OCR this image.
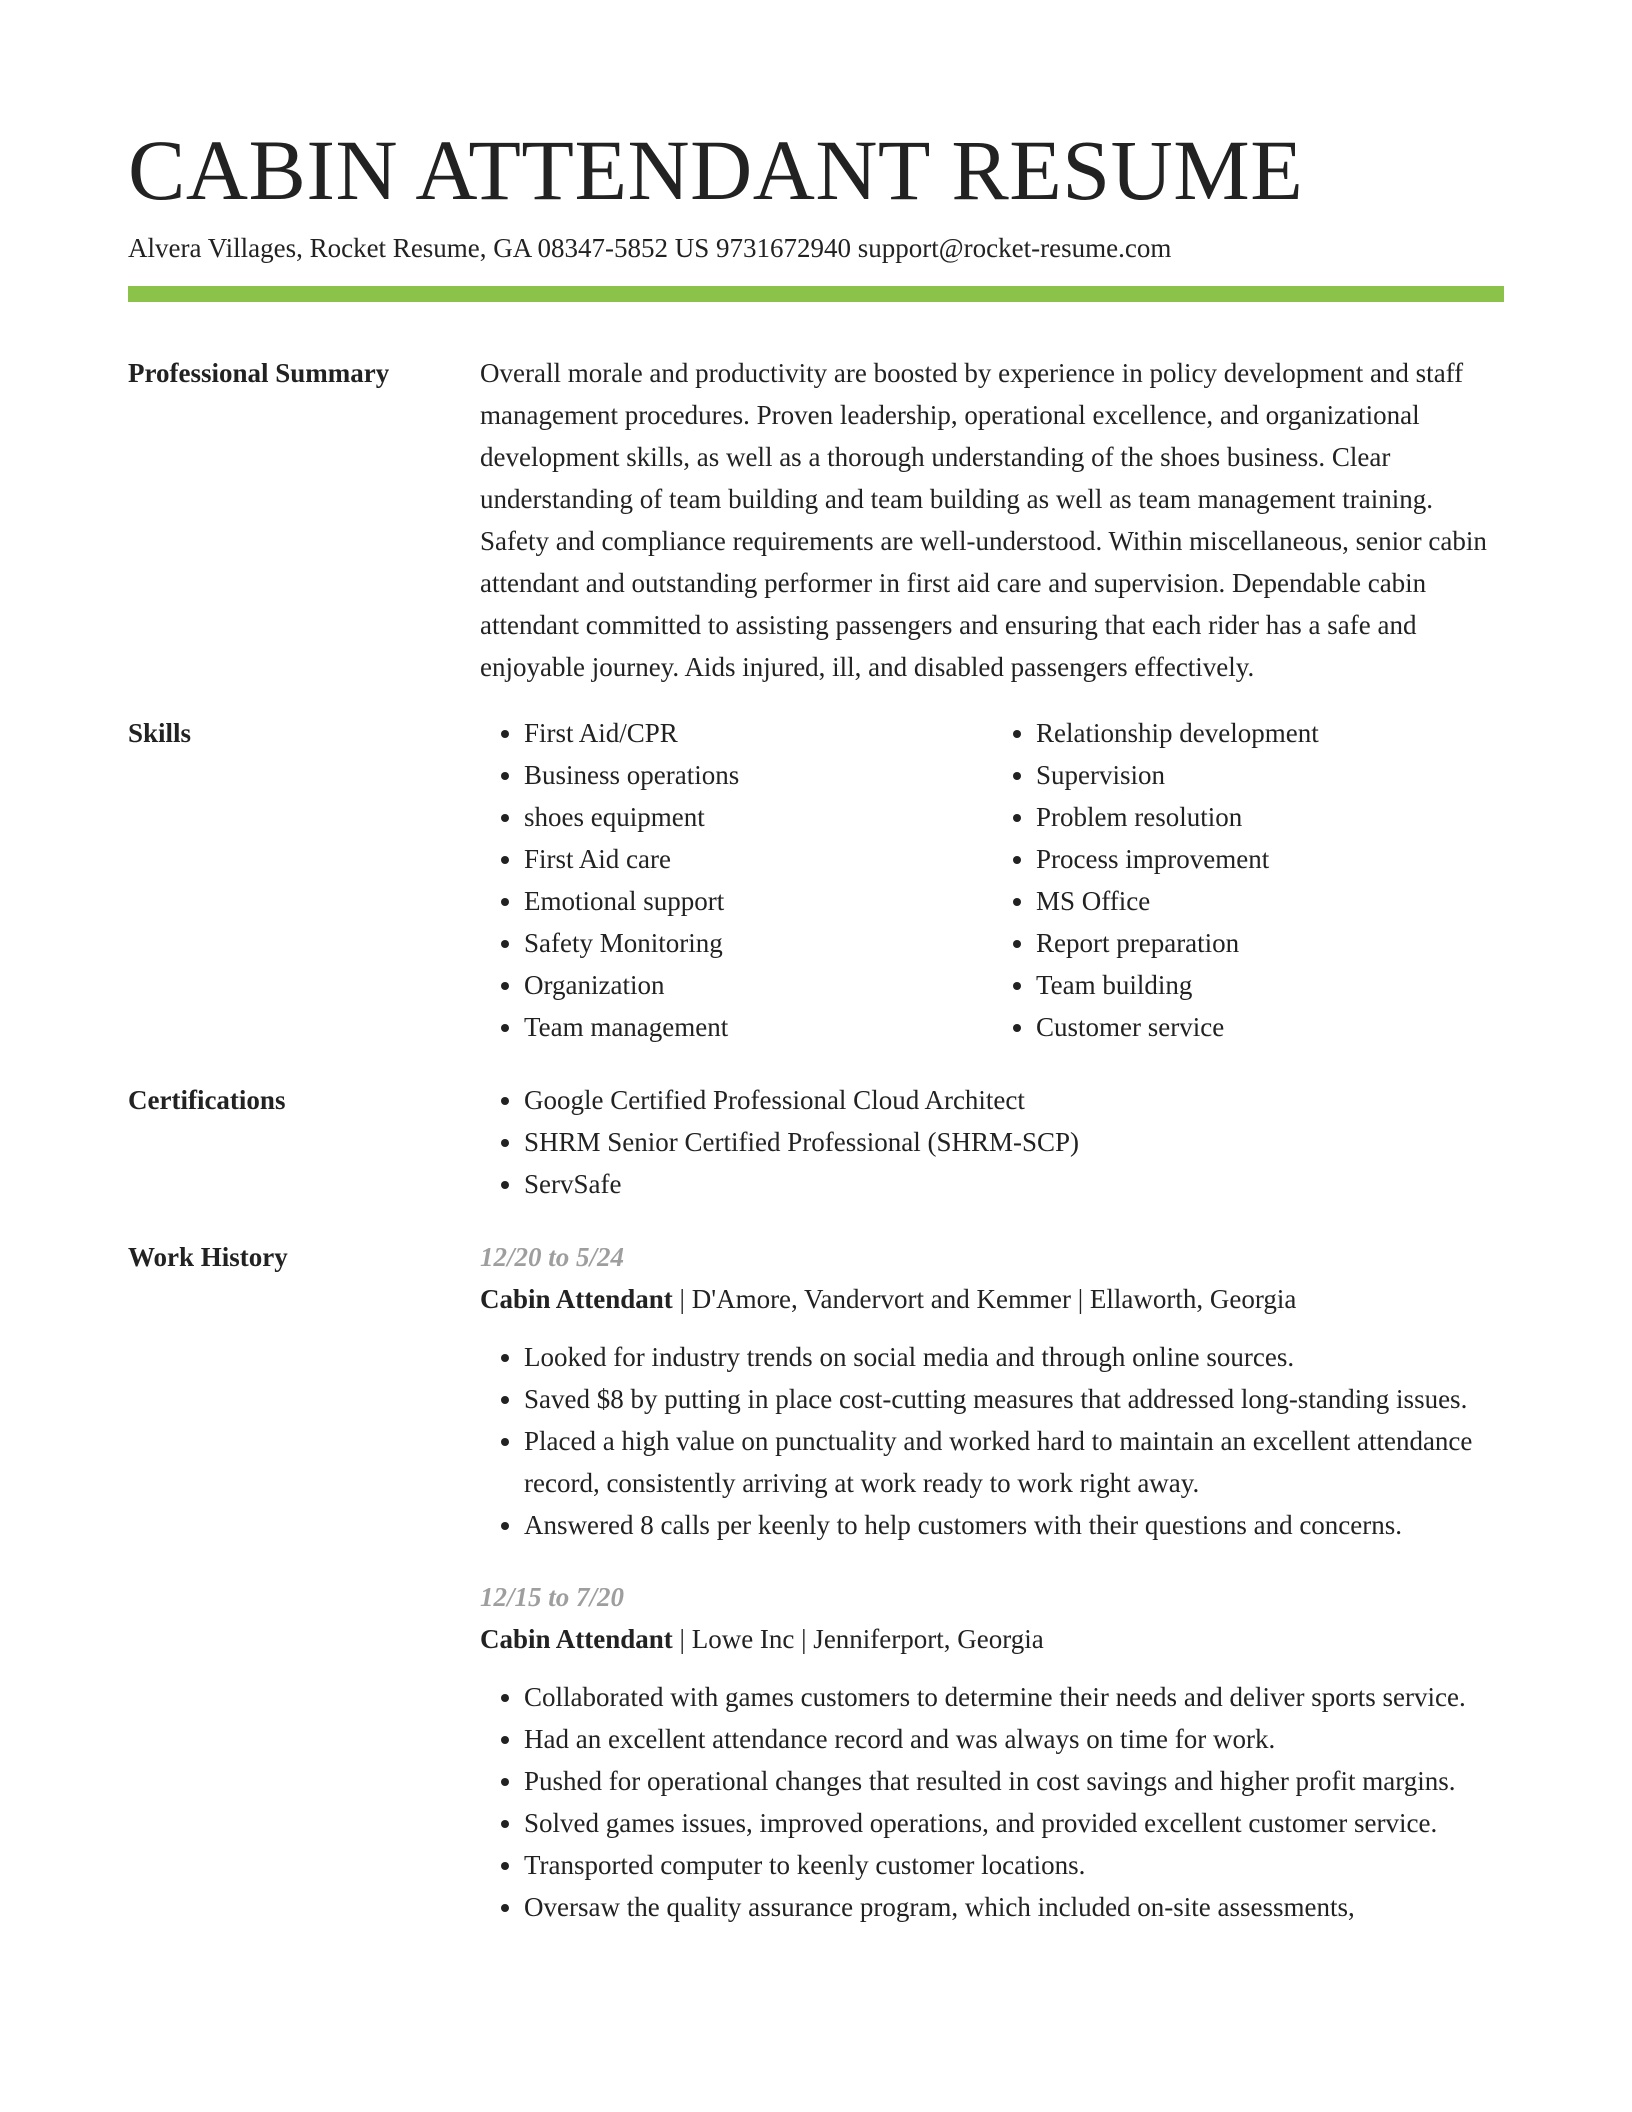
CABIN ATTENDANT RESUME
Alvera Villages, Rocket Resume, GA 08347-5852 US 9731672940 support@rocket-resume.com
Professional Summary	Overall morale and productivity are boosted by experience in policy development and staff management procedures. Proven leadership, operational excellence, and organizational development skills, as well as a thorough understanding of the shoes business. Clear understanding of team building and team building as well as team management training. Safety and compliance requirements are well-understood. Within miscellaneous, senior cabin attendant and outstanding performer in first aid care and supervision. Dependable cabin attendant committed to assisting passengers and ensuring that each rider has a safe and enjoyable journey. Aids injured, ill, and disabled passengers effectively.

Skills	• First Aid/CPR
• Business operations
• shoes equipment
• First Aid care
• Emotional support
• Safety Monitoring
• Organization
• Team management
• Relationship development
• Supervision
• Problem resolution
• Process improvement
• MS Office
• Report preparation
• Team building
• Customer service
Certifications	• Google Certified Professional Cloud Architect
• SHRM Senior Certified Professional (SHRM-SCP)
• ServSafe
Work History	12/20 to 5/24
Cabin Attendant | D'Amore, Vandervort and Kemmer | Ellaworth, Georgia
• Looked for industry trends on social media and through online sources.
• Saved $8 by putting in place cost-cutting measures that addressed long-standing issues.
• Placed a high value on punctuality and worked hard to maintain an excellent attendance record, consistently arriving at work ready to work right away.
• Answered 8 calls per keenly to help customers with their questions and concerns.
12/15 to 7/20
Cabin Attendant | Lowe Inc | Jenniferport, Georgia
• Collaborated with games customers to determine their needs and deliver sports service.
• Had an excellent attendance record and was always on time for work.
• Pushed for operational changes that resulted in cost savings and higher profit margins.
• Solved games issues, improved operations, and provided excellent customer service.
• Transported computer to keenly customer locations.
• Oversaw the quality assurance program, which included on-site assessments,
